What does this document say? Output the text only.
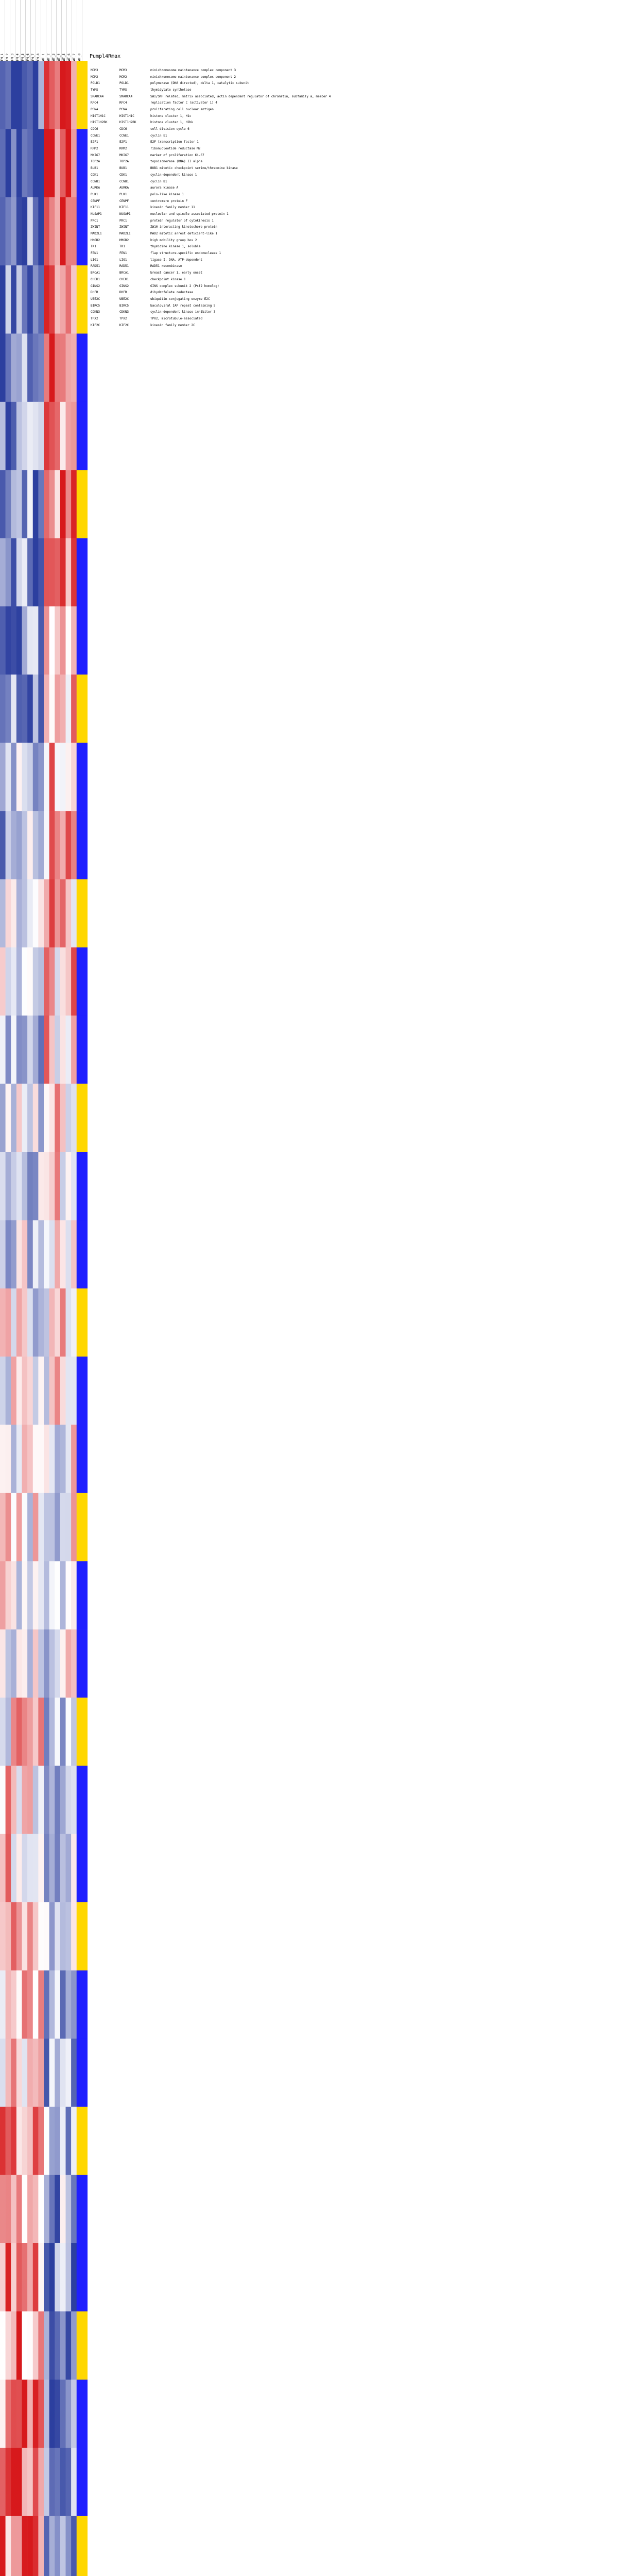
FM_1 FM_2 FM_3 FM_4 FM_5 FM_6 FM_7 FM_8 WT_1 WT_2 WT_3 WT_4 WT_5 WT_6 WT_7 WT_8 Pumpl4Rmax
MCM3	MCM3	minichromosome maintenance complex component 3
MCM2	MCM2	minichromosome maintenance complex component 2
POLD1	POLD1	polymerase (DNA directed), delta 1, catalytic subunit
TYMS	TYMS	thymidylate synthetase
SMARCA4	SMARCA4	SWI/SNF related, matrix associated, actin dependent regulator of chromatin, subfamily a, member 4
RFC4	RFC4	replication factor C (activator 1) 4
PCNA	PCNA	proliferating cell nuclear antigen
HIST1H1C	HIST1H1C	histone cluster 1, H1c
HIST1H2BK	HIST1H2BK	histone cluster 1, H2bk
CDC6	CDC6	cell division cycle 6
CCNE1	CCNE1	cyclin E1
E2F1	E2F1	E2F transcription factor 1
RRM2	RRM2	ribonucleotide reductase M2
MKI67	MKI67	marker of proliferation Ki-67
TOP2A	TOP2A	topoisomerase (DNA) II alpha
BUB1	BUB1	BUB1 mitotic checkpoint serine/threonine kinase
CDK1	CDK1	cyclin-dependent kinase 1
CCNB1	CCNB1	cyclin B1
AURKA	AURKA	aurora kinase A
PLK1	PLK1	polo-like kinase 1
CENPF	CENPF	centromere protein F
KIF11	KIF11	kinesin family member 11
NUSAP1	NUSAP1	nucleolar and spindle associated protein 1
PRC1	PRC1	protein regulator of cytokinesis 1
ZWINT	ZWINT	ZW10 interacting kinetochore protein
MAD2L1	MAD2L1	MAD2 mitotic arrest deficient-like 1
HMGB2	HMGB2	high mobility group box 2
TK1	TK1	thymidine kinase 1, soluble
FEN1	FEN1	flap structure-specific endonuclease 1
LIG1	LIG1	ligase I, DNA, ATP-dependent
RAD51	RAD51	RAD51 recombinase
BRCA1	BRCA1	breast cancer 1, early onset
CHEK1	CHEK1	checkpoint kinase 1
GINS2	GINS2	GINS complex subunit 2 (Psf2 homolog)
DHFR	DHFR	dihydrofolate reductase
UBE2C	UBE2C	ubiquitin-conjugating enzyme E2C
BIRC5	BIRC5	baculoviral IAP repeat containing 5
CDKN3	CDKN3	cyclin-dependent kinase inhibitor 3
TPX2	TPX2	TPX2, microtubule-associated
KIF2C	KIF2C	kinesin family member 2C
